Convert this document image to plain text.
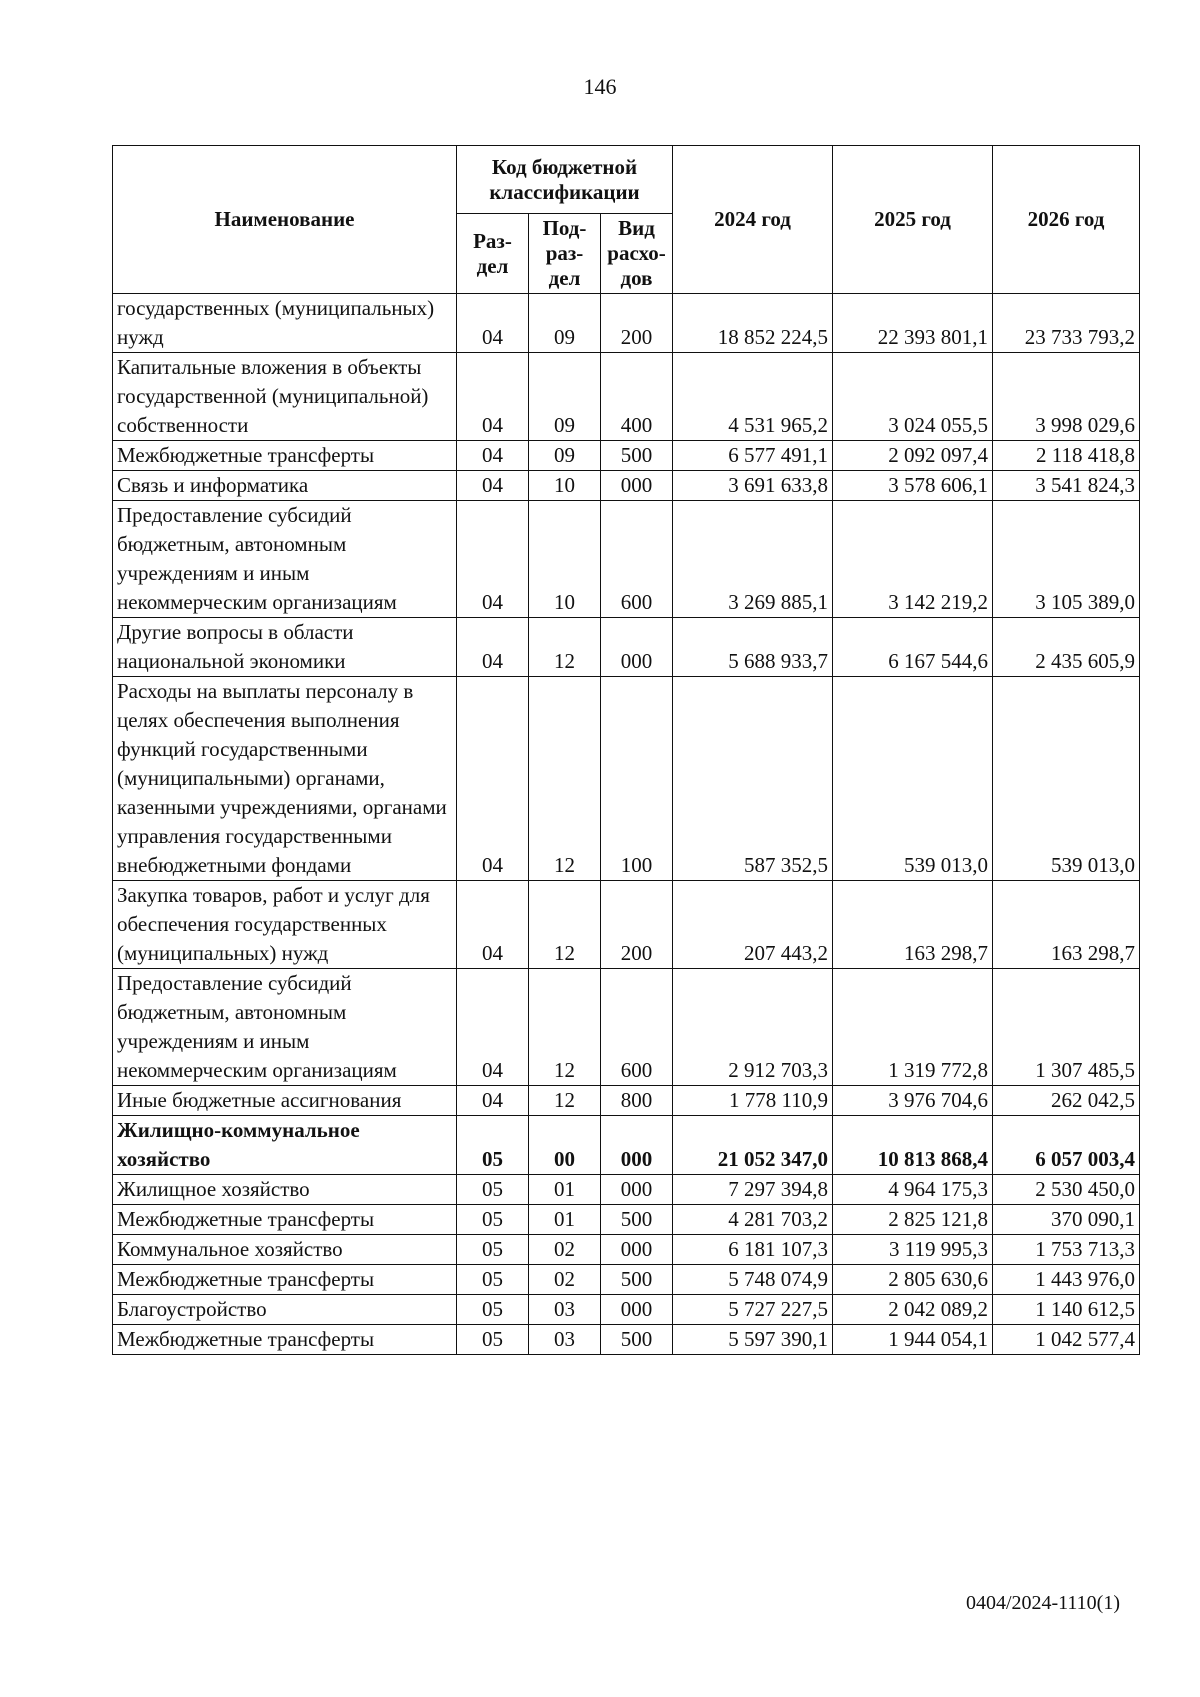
146
Наименование	Код бюджетной классификации			2024 год	2025 год	2026 год
	Раз-дел	Под-раз-дел	Вид расхо-дов			
государственных (муниципальных) нужд	04	09	200	18 852 224,5	22 393 801,1	23 733 793,2
Капитальные вложения в объекты государственной (муниципальной) собственности	04	09	400	4 531 965,2	3 024 055,5	3 998 029,6
Межбюджетные трансферты	04	09	500	6 577 491,1	2 092 097,4	2 118 418,8
Связь и информатика	04	10	000	3 691 633,8	3 578 606,1	3 541 824,3
Предоставление субсидий бюджетным, автономным учреждениям и иным некоммерческим организациям	04	10	600	3 269 885,1	3 142 219,2	3 105 389,0
Другие вопросы в области национальной экономики	04	12	000	5 688 933,7	6 167 544,6	2 435 605,9
Расходы на выплаты персоналу в целях обеспечения выполнения функций государственными (муниципальными) органами, казенными учреждениями, органами управления государственными внебюджетными фондами	04	12	100	587 352,5	539 013,0	539 013,0
Закупка товаров, работ и услуг для обеспечения государственных (муниципальных) нужд	04	12	200	207 443,2	163 298,7	163 298,7
Предоставление субсидий бюджетным, автономным учреждениям и иным некоммерческим организациям	04	12	600	2 912 703,3	1 319 772,8	1 307 485,5
Иные бюджетные ассигнования	04	12	800	1 778 110,9	3 976 704,6	262 042,5
Жилищно-коммунальное хозяйство	05	00	000	21 052 347,0	10 813 868,4	6 057 003,4
Жилищное хозяйство	05	01	000	7 297 394,8	4 964 175,3	2 530 450,0
Межбюджетные трансферты	05	01	500	4 281 703,2	2 825 121,8	370 090,1
Коммунальное хозяйство	05	02	000	6 181 107,3	3 119 995,3	1 753 713,3
Межбюджетные трансферты	05	02	500	5 748 074,9	2 805 630,6	1 443 976,0
Благоустройство	05	03	000	5 727 227,5	2 042 089,2	1 140 612,5
Межбюджетные трансферты	05	03	500	5 597 390,1	1 944 054,1	1 042 577,4
0404/2024-1110(1)
